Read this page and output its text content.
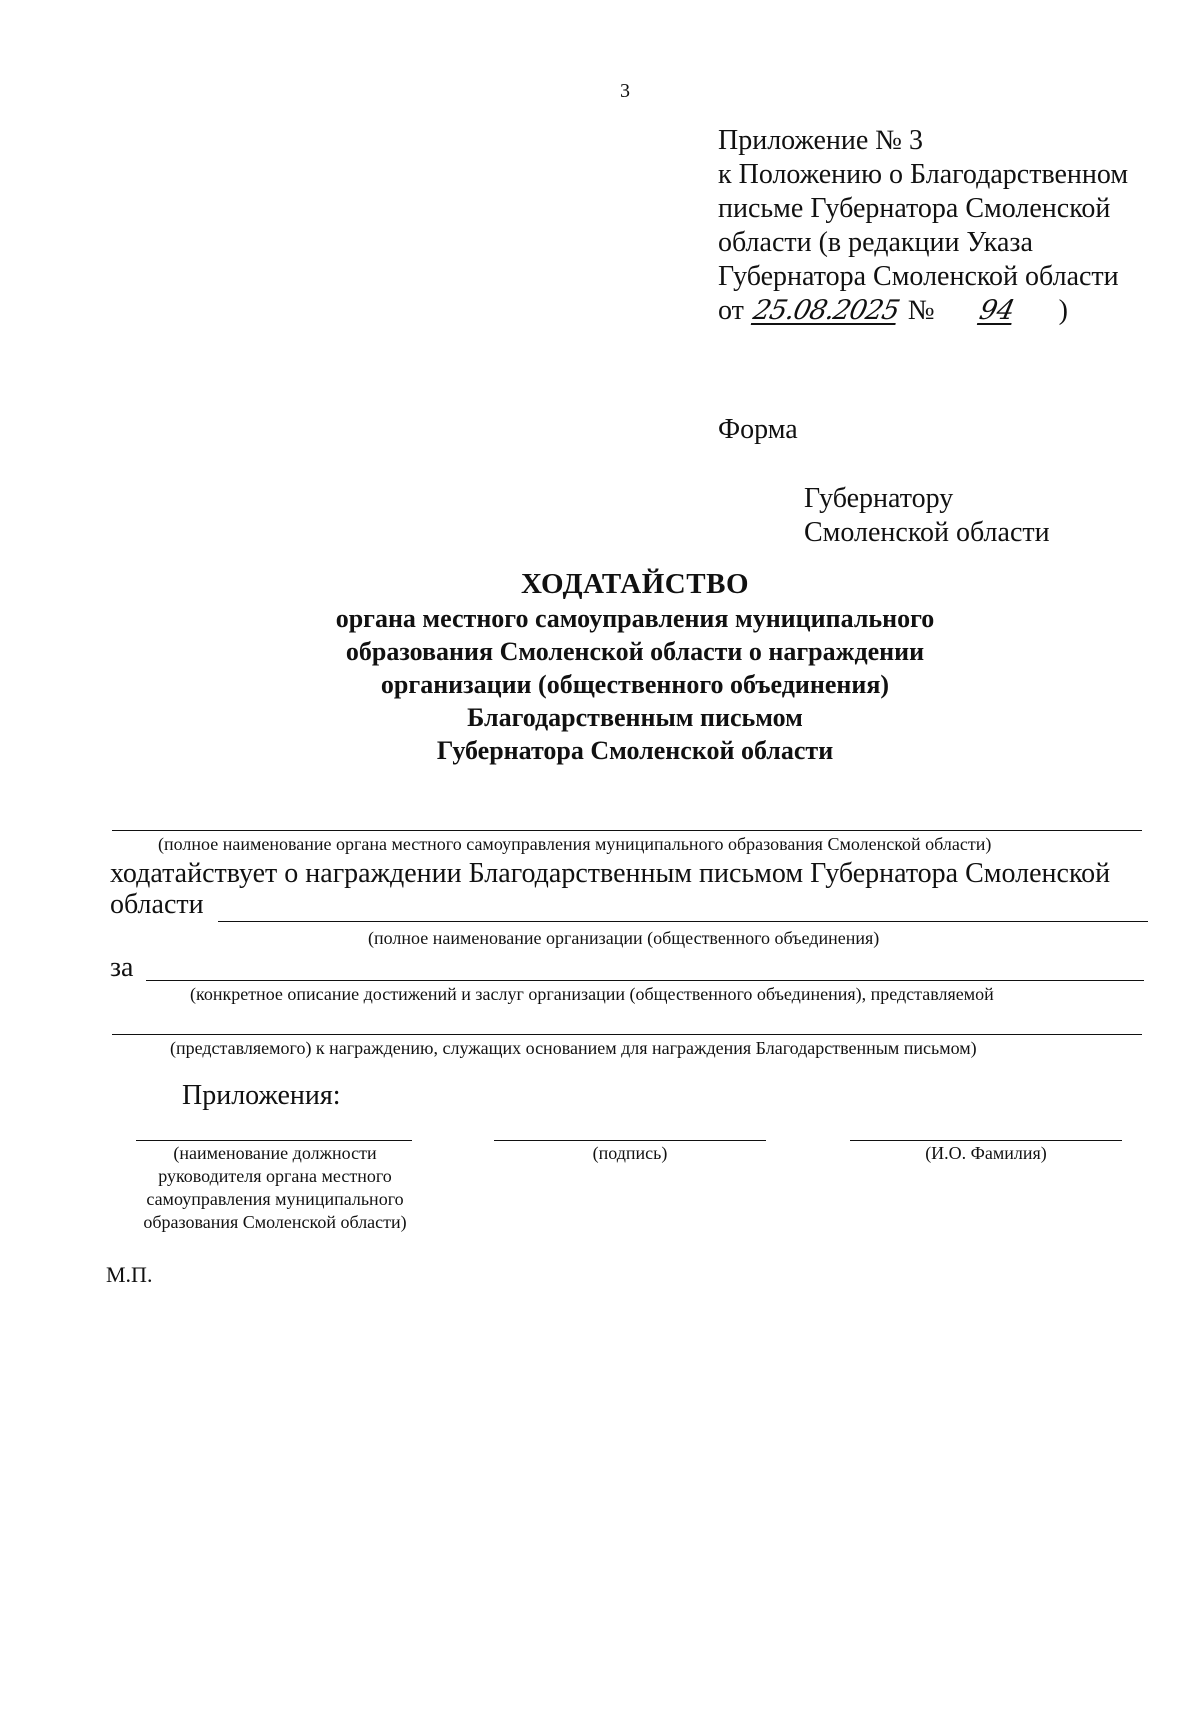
3
Приложение № 3
к Положению о Благодарственном
письме Губернатора Смоленской
области (в редакции Указа
Губернатора Смоленской области
от 25.08.2025 № 94 )
Форма
Губернатору
Смоленской области
ХОДАТАЙСТВО
органа местного самоуправления муниципального
образования Смоленской области о награждении
организации (общественного объединения)
Благодарственным письмом
Губернатора Смоленской области
(полное наименование органа местного самоуправления муниципального образования Смоленской области)
ходатайствует о награждении Благодарственным письмом Губернатора Смоленской
области
(полное наименование организации (общественного объединения)
за
(конкретное описание достижений и заслуг организации (общественного объединения), представляемой
(представляемого) к награждению, служащих основанием для награждения Благодарственным письмом)
Приложения:
(наименование должности
руководителя органа местного
самоуправления муниципального
образования Смоленской области)
(подпись)	(И.О. Фамилия)
М.П.
